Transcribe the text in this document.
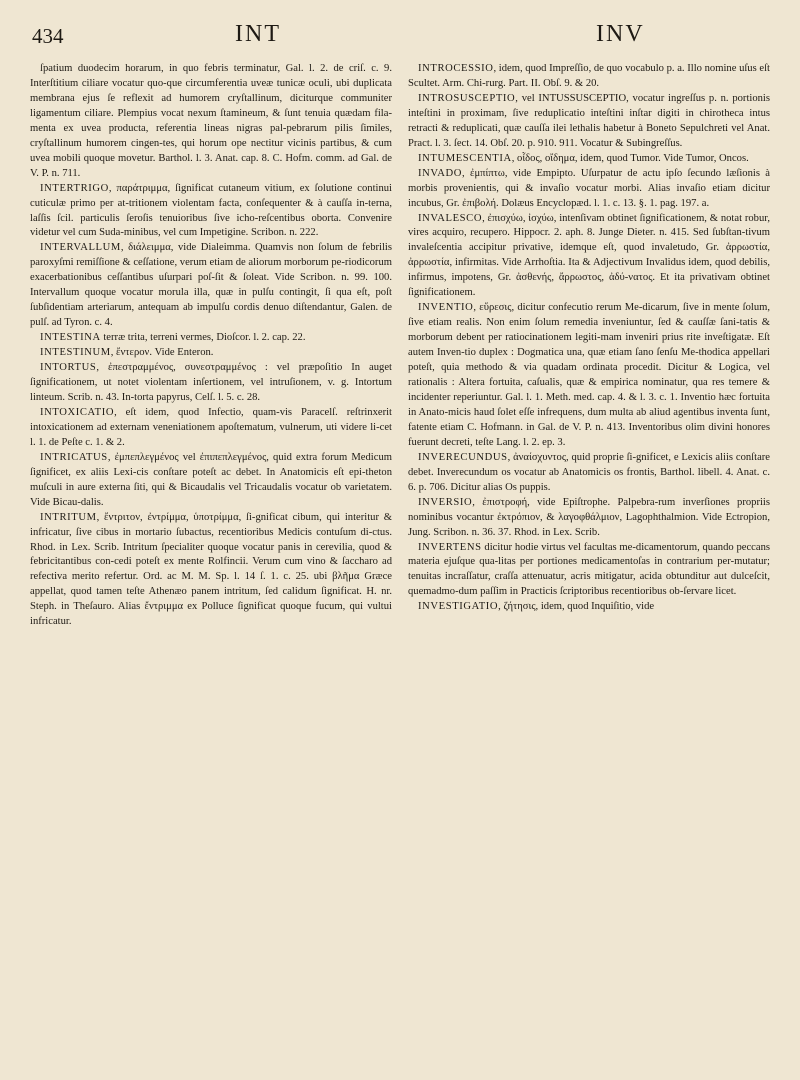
434	INT	INV

ſpatium duodecim horarum, in quo febris terminatur, Gal. l. 2. de criſ. c. 9. Interſtitium ciliare vocatur quo-que circumferentia uveæ tunicæ oculi, ubi duplicata membrana ejus ſe reflexit ad humorem cryſtallinum, diciturque communiter ligamentum ciliare. Plempius vocat nexum ſtamineum, & ſunt tenuia quædam fila-menta ex uvea producta, referentia lineas nigras pal-pebrarum pilis ſimiles, cryſtallinum humorem cingen-tes, qui horum ope nectitur vicinis partibus, & cum uvea mobili quoque movetur. Barthol. l. 3. Anat. cap. 8. C. Hofm. comm. ad Gal. de V. P. n. 711.

INTERTRIGO, παράτριμμα, ſignificat cutaneum vitium, ex ſolutione continui cuticulæ primo per at-tritionem violentam facta, conſequenter & à cauſſa in-terna, laſſis ſcil. particulis ſeroſis tenuioribus ſive icho-reſcentibus oborta. Convenire videtur vel cum Suda-minibus, vel cum Impetigine. Scribon. n. 222.

INTERVALLUM, διάλειμμα, vide Dialeimma. Quamvis non ſolum de febrilis paroxyſmi remiſſione & ceſſatione, verum etiam de aliorum morborum pe-riodicorum exacerbationibus ceſſantibus uſurpari poſ-ſit & ſoleat. Vide Scribon. n. 99. 100. Intervallum quoque vocatur morula illa, quæ in pulſu contingit, ſi qua eſt, poſt ſubſidentiam arteriarum, antequam ab impulſu cordis denuo diſtendantur, Galen. de pulſ. ad Tyron. c. 4.

INTESTINA terræ trita, terreni vermes, Dioſcor. l. 2. cap. 22.

INTESTINUM, ἔντερον. Vide Enteron.

INTORTUS, ἐπεστραμμένος, συνεστραμμένος : vel præpoſitio In auget ſignificationem, ut notet violentam inſertionem, vel intruſionem, v. g. Intortum linteum. Scrib. n. 43. In-torta papyrus, Celſ. l. 5. c. 28.

INTOXICATIO, eſt idem, quod Infectio, quam-vis Paracelſ. reſtrinxerit intoxicationem ad externam veneniationem apoſtematum, vulnerum, uti videre li-cet l. 1. de Peſte c. 1. & 2.

INTRICATUS, ἐμπεπλεγμένος vel ἐπιπεπλεγμένος, quid extra forum Medicum ſignificet, ex aliis Lexi-cis conſtare poteſt ac debet. In Anatomicis eſt epi-theton muſculi in aure externa ſiti, qui & Bicaudalis vel Tricaudalis vocatur ob varietatem. Vide Bicau-dalis.

INTRITUM, ἔντριτον, ἐντρίμμα, ὑποτρίμμα, ſi-gnificat cibum, qui interitur & infricatur, ſive cibus in mortario ſubactus, recentioribus Medicis contuſum di-ctus. Rhod. in Lex. Scrib. Intritum ſpecialiter quoque vocatur panis in cerevilia, quod & febricitantibus con-cedi poteſt ex mente Rolfincii. Verum cum vino & ſaccharo ad refectiva merito refertur. Ord. ac M. M. Sp. l. 14 ſ. 1. c. 25. ubi βλῆμα Græce appellat, quod tamen teſte Athenæo panem intritum, ſed calidum ſignificat. H. nr. Steph. in Theſauro. Alias ἔντριμμα ex Polluce ſignificat quoque fucum, qui vultui infricatur.

INTROCESSIO, idem, quod Impreſſio, de quo vocabulo p. a. Illo nomine uſus eſt Scultet. Arm. Chi-rurg. Part. II. Obſ. 9. & 20.

INTROSUSCEPTIO, vel INTUSSUSCEPTIO, vocatur ingreſſus p. n. portionis inteſtini in proximam, ſive reduplicatio inteſtini inſtar digiti in chirotheca intus retracti & reduplicati, quæ cauſſa ilei lethalis habetur à Boneto Sepulchreti vel Anat. Pract. l. 3. ſect. 14. Obſ. 20. p. 910. 911. Vocatur & Subingreſſus.

INTUMESCENTIA, οἶδος, οἴδημα, idem, quod Tumor. Vide Tumor, Oncos.

INVADO, ἐμπίπτω, vide Empipto. Uſurpatur de actu ipſo ſecundo læſionis à morbis provenientis, qui & invaſio vocatur morbi. Alias invaſio etiam dicitur incubus, Gr. ἐπιβολή. Dolæus Encyclopæd. l. 1. c. 13. §. 1. pag. 197. a.

INVALESCO, ἐπισχύω, ἰσχύω, intenſivam obtinet ſignificationem, & notat robur, vires acquiro, recupero. Hippocr. 2. aph. 8. Junge Dieter. n. 415. Sed ſubſtan-tivum invaleſcentia accipitur privative, idemque eſt, quod invaletudo, Gr. ἀρρωστία, ἀρρωστία, infirmitas. Vide Arrhoſtia. Ita & Adjectivum Invalidus idem, quod debilis, infirmus, impotens, Gr. ἀσθενής, ἄρρωστος, ἀδύ-νατος. Et ita privativam obtinet ſignificationem.

INVENTIO, εὕρεσις, dicitur confecutio rerum Me-dicarum, ſive in mente ſolum, ſive etiam realis. Non enim ſolum remedia inveniuntur, ſed & cauſſæ ſani-tatis & morborum debent per ratiocinationem legiti-mam inveniri prius rite inveſtigatæ. Eſt autem Inven-tio duplex : Dogmatica una, quæ etiam ſano ſenſu Me-thodica appellari poteſt, quia methodo & via quadam ordinata procedit. Dicitur & Logica, vel rationalis : Altera fortuita, caſualis, quæ & empirica nominatur, qua res temere & incidenter reperiuntur. Gal. l. 1. Meth. med. cap. 4. & l. 3. c. 1. Inventio hæc fortuita in Anato-micis haud ſolet eſſe infrequens, dum multa ab aliud agentibus inventa ſunt, fatente etiam C. Hofmann. in Gal. de V. P. n. 413. Inventoribus olim divini honores fuerunt decreti, teſte Lang. l. 2. ep. 3.

INVERECUNDUS, ἀναίσχυντος, quid proprie ſi-gnificet, e Lexicis aliis conſtare debet. Inverecundum os vocatur ab Anatomicis os frontis, Barthol. libell. 4. Anat. c. 6. p. 706. Dicitur alias Os puppis.

INVERSIO, ἐπιστροφή, vide Epiſtrophe. Palpebra-rum inverſiones propriis nominibus vocantur ἐκτρόπιον, & λαγοφθάλμιον, Lagophthalmion. Vide Ectropion, Jung. Scribon. n. 36. 37. Rhod. in Lex. Scrib.

INVERTENS dicitur hodie virtus vel facultas me-dicamentorum, quando peccans materia ejuſque qua-litas per portiones medicamentoſas in contrarium per-mutatur; tenuitas incraſſatur, craſſa attenuatur, acris mitigatur, acida obtunditur aut dulceſcit, quemadmo-dum paſſim in Practicis ſcriptoribus recentioribus ob-ſervare licet.

INVESTIGATIO, ζήτησις, idem, quod Inquiſitio, vide
